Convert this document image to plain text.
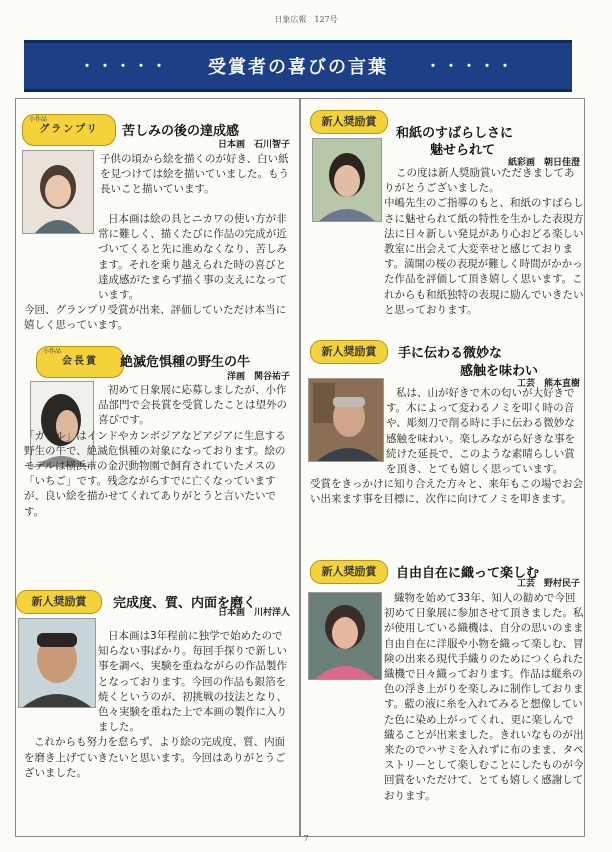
日象広報　127号
・・・・・ 受賞者の喜びの言葉	・・・・・
小作品
グランプリ	苦しみの後の達成感
日本画　石川智子
子供の頃から絵を描くのが好き、白い紙を見つけては絵を描いていました。もう長いこと描いています。

日本画は絵の具とニカワの使い方が非常に難しく、描くたびに作品の完成が近づいてくると先に進めなくなり、苦しみます。それを乗り越えられた時の喜びと達成感がたまらず描く事の支えになっています。

今回、グランプリ受賞が出来、評価していただけ本当に嬉しく思っています。

小作品
会長賞	絶滅危惧種の野生の牛
洋画　関谷祐子

初めて日象展に応募しましたが、小作品部門で会長賞を受賞したことは望外の喜びです。

「ガウル」はインドやカンボジアなどアジアに生息する野生の牛で、絶滅危惧種の対象になっております。絵のモデルは横浜市の金沢動物園で飼育されていたメスの「いちご」です。残念ながらすでに亡くなっていますが、良い絵を描かせてくれてありがとうと言いたいです。

新人奨励賞	完成度、質、内面を磨く
日本画　川村洋人

日本画は3年程前に独学で始めたので知らない事ばかり。毎回手探りで新しい事を調べ、実験を重ねながらの作品製作となっております。今回の作品も銀箔を焼くというのが、初挑戦の技法となり、色々実験を重ねた上で本画の製作に入りました。

これからも努力を怠らず、より絵の完成度、質、内面を磨き上げていきたいと思います。今回はありがとうございました。

新人奨励賞
和紙のすばらしさに
魅せられて
紙彩画　朝日佳澄

この度は新人奨励賞いただきましてありがとうございました。

中嶋先生のご指導のもと、和紙のすばらしさに魅せられて紙の特性を生かした表現方法に日々新しい発見があり心おどる楽しい教室に出会えて大変幸せと感じております。満開の桜の表現が難しく時間がかかった作品を評価して頂き嬉しく思います。これからも和紙独特の表現に励んでいきたいと思っております。

新人奨励賞	手に伝わる微妙な
感触を味わい
工芸　熊本直樹

私は、山が好きで木の匂いが大好きです。木によって変わるノミを叩く時の音や、彫刻刀で削る時に手に伝わる微妙な感触を味わい。楽しみながら好きな事を続けた延長で、このような素晴らしい賞を頂き、とても嬉しく思っています。

受賞をきっかけに知り合えた方々と、来年もこの場でお会い出来ます事を目標に、次作に向けてノミを叩きます。

新人奨励賞	自由自在に織って楽しむ
工芸　野村民子

織物を始めて33年、知人の勧めで今回初めて日象展に参加させて頂きました。私が使用している織機は、自分の思いのまま自由自在に洋服や小物を織って楽しむ、冒険の出来る現代手織りのためにつくられた織機で日々織っております。作品は縦糸の色の浮き上がりを楽しみに制作しております。藍の液に糸を入れてみると想像していた色に染め上がってくれ、更に楽しんで織ることが出来ました。きれいなものが出来たのでハサミを入れずに布のまま、タペストリーとして楽しむことにしたものが今回賞をいただけて、とても嬉しく感謝しております。

7
